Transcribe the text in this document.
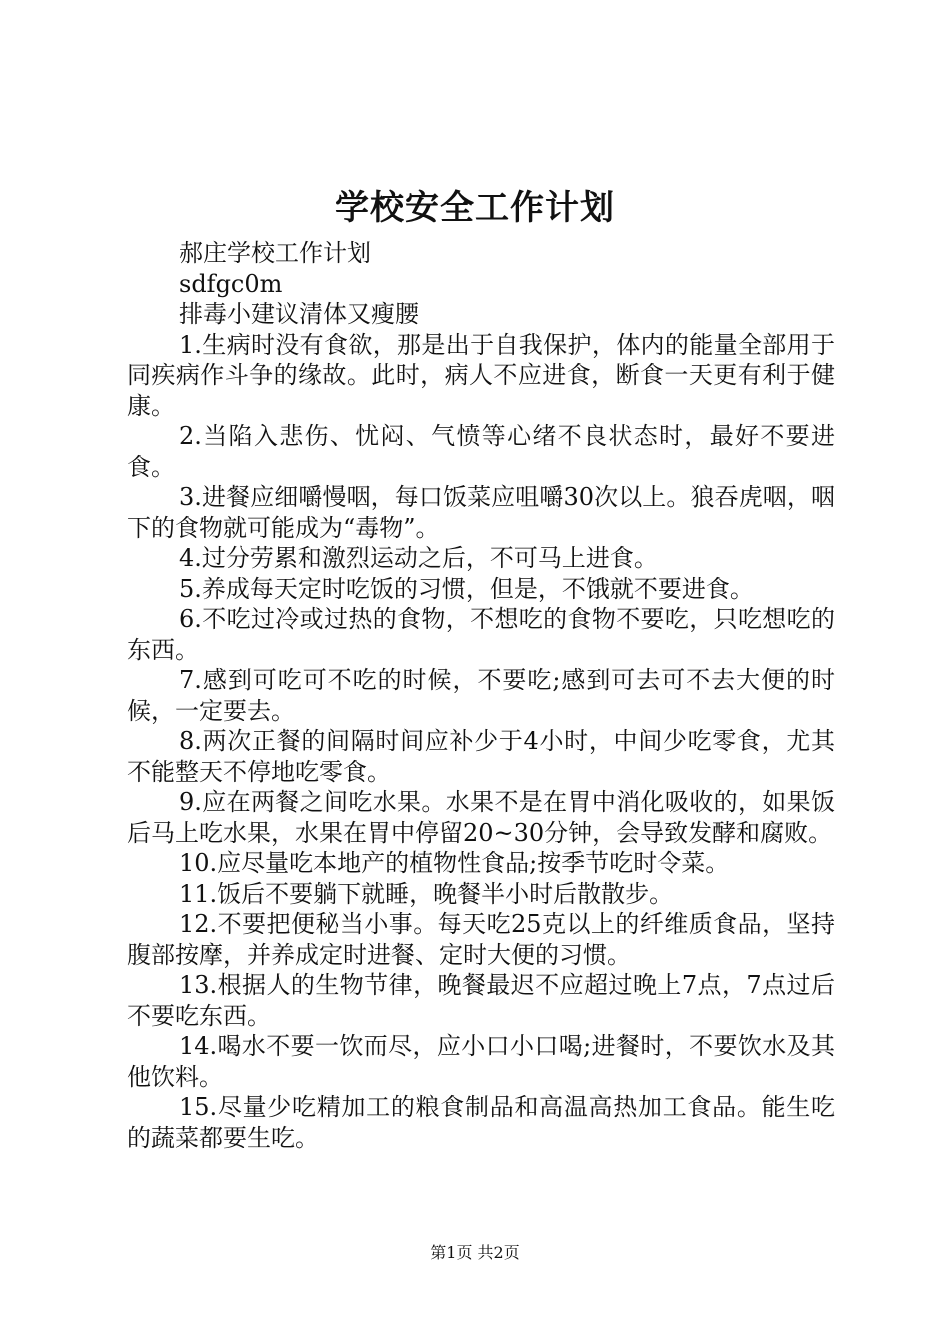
学校安全工作计划

郝庄学校工作计划

sdfgc0m

排毒小建议清体又瘦腰

1.生病时没有食欲，那是出于自我保护，体内的能量全部用于同疾病作斗争的缘故。此时，病人不应进食，断食一天更有利于健康。

2.当陷入悲伤、忧闷、气愤等心绪不良状态时，最好不要进食。

3.进餐应细嚼慢咽，每口饭菜应咀嚼30次以上。狼吞虎咽，咽下的食物就可能成为“毒物”。

4.过分劳累和激烈运动之后，不可马上进食。

5.养成每天定时吃饭的习惯，但是，不饿就不要进食。

6.不吃过冷或过热的食物，不想吃的食物不要吃，只吃想吃的东西。

7.感到可吃可不吃的时候，不要吃;感到可去可不去大便的时候，一定要去。

8.两次正餐的间隔时间应补少于4小时，中间少吃零食，尤其不能整天不停地吃零食。

9.应在两餐之间吃水果。水果不是在胃中消化吸收的，如果饭后马上吃水果，水果在胃中停留20~30分钟，会导致发酵和腐败。

10.应尽量吃本地产的植物性食品;按季节吃时令菜。

11.饭后不要躺下就睡，晚餐半小时后散散步。

12.不要把便秘当小事。每天吃25克以上的纤维质食品，坚持腹部按摩，并养成定时进餐、定时大便的习惯。

13.根据人的生物节律，晚餐最迟不应超过晚上7点，7点过后不要吃东西。

14.喝水不要一饮而尽，应小口小口喝;进餐时，不要饮水及其他饮料。

15.尽量少吃精加工的粮食制品和高温高热加工食品。能生吃的蔬菜都要生吃。

第1页 共2页
